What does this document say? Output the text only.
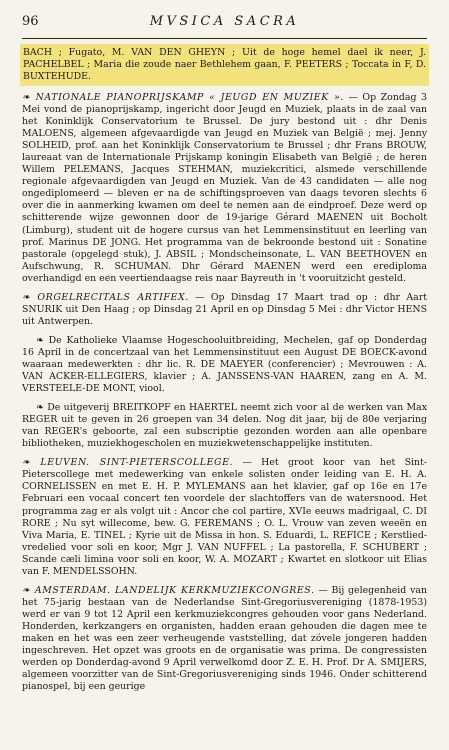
96	MVSICA SACRA
BACH ; Fugato, M. VAN DEN GHEYN ; Uit de hoge hemel dael ik neer, J. PACHELBEL ; Maria die zoude naer Bethlehem gaan, F. PEETERS ; Toccata in F, D. BUXTEHUDE.

❧ NATIONALE PIANOPRIJSKAMP « JEUGD EN MUZIEK ». — Op Zondag 3 Mei vond de pianoprijskamp, ingericht door Jeugd en Muziek, plaats in de zaal van het Koninklijk Conservatorium te Brussel. De jury bestond uit : dhr Denis MALOENS, algemeen afgevaardigde van Jeugd en Muziek van België ; mej. Jenny SOLHEID, prof. aan het Koninklijk Conservatorium te Brussel ; dhr Frans BROUW, laureaat van de Internationale Prijskamp koningin Elisabeth van België ; de heren Willem PELEMANS, Jacques STEHMAN, muziekcritici, alsmede verschillende regionale afgevaardigden van Jeugd en Muziek. Van de 43 candidaten — alle nog ongediplomeerd — bleven er na de schiftingsproeven van daags tevoren slechts 6 over die in aanmerking kwamen om deel te nemen aan de eindproef. Deze werd op schitterende wijze gewonnen door de 19-jarige Gérard MAENEN uit Bocholt (Limburg), student uit de hogere cursus van het Lemmensinstituut en leerling van prof. Marinus DE JONG. Het programma van de bekroonde bestond uit : Sonatine pastorale (opgelegd stuk), J. ABSIL ; Mondscheinsonate, L. VAN BEETHOVEN en Aufschwung, R. SCHUMAN. Dhr Gérard MAENEN werd een erediploma overhandigd en een veertiendaagse reis naar Bayreuth in 't vooruitzicht gesteld.

❧ ORGELRECITALS ARTIFEX. — Op Dinsdag 17 Maart trad op : dhr Aart SNURIK uit Den Haag ; op Dinsdag 21 April en op Dinsdag 5 Mei : dhr Victor HENS uit Antwerpen.

❧ De Katholieke Vlaamse Hogeschooluitbreiding, Mechelen, gaf op Donderdag 16 April in de concertzaal van het Lemmensinstituut een August DE BOECK-avond waaraan medewerkten : dhr lic. R. DE MAEYER (conferencier) ; Mevrouwen : A. VAN ACKER-ELLEGIERS, klavier ; A. JANSSENS-VAN HAAREN, zang en A. M. VERSTEELE-DE MONT, viool.

❧ De uitgeverij BREITKOPF en HAERTEL neemt zich voor al de werken van Max REGER uit te geven in 26 groepen van 34 delen. Nog dit jaar, bij de 80e verjaring van REGER's geboorte, zal een subscriptie gezonden worden aan alle openbare bibliotheken, muziekhogescholen en muziekwetenschappelijke instituten.

❧ LEUVEN. SINT-PIETERSCOLLEGE. — Het groot koor van het Sint-Pieterscollege met medewerking van enkele solisten onder leiding van E. H. A. CORNELISSEN en met E. H. P. MYLEMANS aan het klavier, gaf op 16e en 17e Februari een vocaal concert ten voordele der slachtoffers van de watersnood. Het programma zag er als volgt uit : Ancor che col partire, XVIe eeuws madrigaal, C. DI RORE ; Nu syt willecome, bew. G. FEREMANS ; O. L. Vrouw van zeven weeën en Viva Maria, E. TINEL ; Kyrie uit de Missa in hon. S. Eduardi, L. REFICE ; Kerstlied-vredelied voor soli en koor, Mgr J. VAN NUFFEL ; La pastorella, F. SCHUBERT ; Scande cæli limina voor soli en koor, W. A. MOZART ; Kwartet en slotkoor uit Elias van F. MENDELSSOHN.

❧ AMSTERDAM. LANDELIJK KERKMUZIEKCONGRES. — Bij gelegenheid van het 75-jarig bestaan van de Nederlandse Sint-Gregoriusvereniging (1878-1953) werd er van 9 tot 12 April een kerkmuziekcongres gehouden voor gans Nederland. Honderden, kerkzangers en organisten, hadden eraan gehouden die dagen mee te maken en het was een zeer verheugende vaststelling, dat zóvele jongeren hadden ingeschreven. Het opzet was groots en de organisatie was prima. De congressisten werden op Donderdag-avond 9 April verwelkomd door Z. E. H. Prof. Dr A. SMIJERS, algemeen voorzitter van de Sint-Gregoriusvereniging sinds 1946. Onder schitterend pianospel, bij een geurige
